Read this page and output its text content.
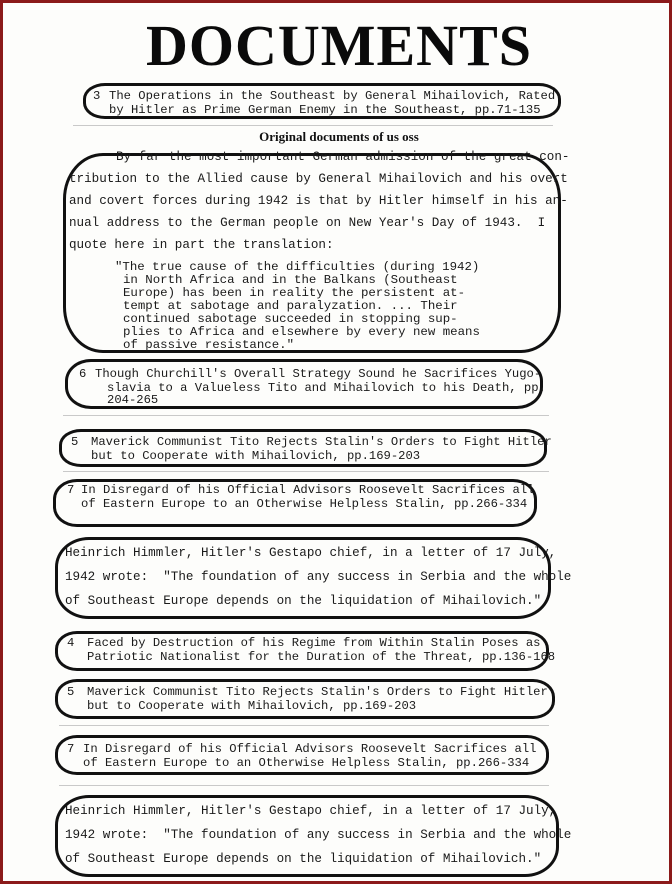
DOCUMENTS
3 The Operations in the Southeast by General Mihailovich, Rated
by Hitler as Prime German Enemy in the Southeast, pp.71-135
Original documents of us oss
By far the most important German admission of the great con-
tribution to the Allied cause by General Mihailovich and his overt
and covert forces during 1942 is that by Hitler himself in his an-
nual address to the German people on New Year's Day of 1943.  I
quote here in part the translation:
"The true cause of the difficulties (during 1942)
in North Africa and in the Balkans (Southeast
Europe) has been in reality the persistent at-
tempt at sabotage and paralyzation. ... Their
continued sabotage succeeded in stopping sup-
plies to Africa and elsewhere by every new means
of passive resistance."
6 Though Churchill's Overall Strategy Sound he Sacrifices Yugo-
slavia to a Valueless Tito and Mihailovich to his Death, pp.
204-265
5 Maverick Communist Tito Rejects Stalin's Orders to Fight Hitler
but to Cooperate with Mihailovich, pp.169-203
7 In Disregard of his Official Advisors Roosevelt Sacrifices all
of Eastern Europe to an Otherwise Helpless Stalin, pp.266-334
Heinrich Himmler, Hitler's Gestapo chief, in a letter of 17 July,
1942 wrote:  "The foundation of any success in Serbia and the whole
of Southeast Europe depends on the liquidation of Mihailovich."
4 Faced by Destruction of his Regime from Within Stalin Poses as
Patriotic Nationalist for the Duration of the Threat, pp.136-168
5 Maverick Communist Tito Rejects Stalin's Orders to Fight Hitler
but to Cooperate with Mihailovich, pp.169-203
7 In Disregard of his Official Advisors Roosevelt Sacrifices all
of Eastern Europe to an Otherwise Helpless Stalin, pp.266-334
Heinrich Himmler, Hitler's Gestapo chief, in a letter of 17 July,
1942 wrote:  "The foundation of any success in Serbia and the whole
of Southeast Europe depends on the liquidation of Mihailovich."
